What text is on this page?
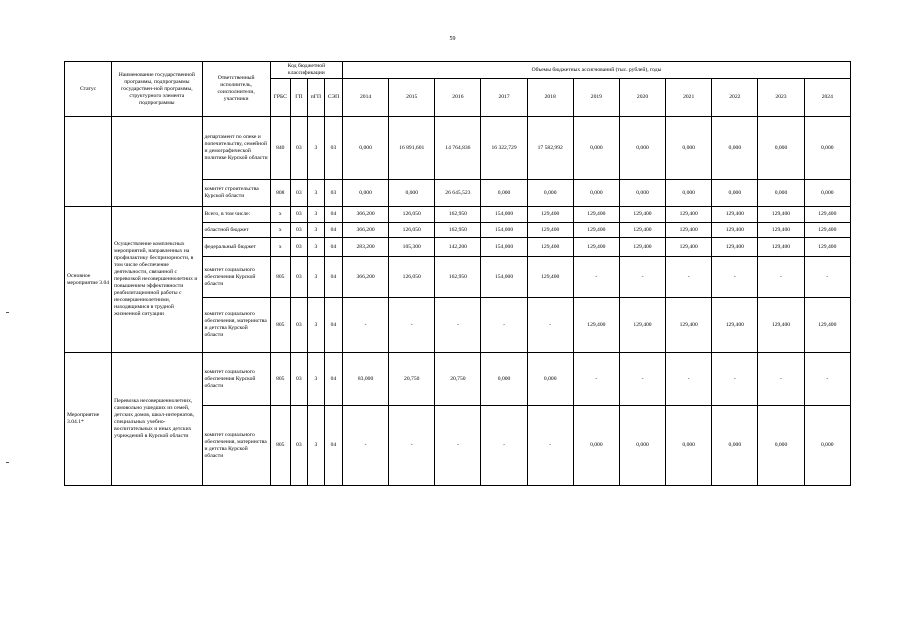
59
Статус	Наименование государственной программы, подпрограммы государствен-ной программы, структурного элемента подпрограммы	Ответственный исполнитель, соисполнители, участники	Код бюджетной классификации				Объемы бюджетных ассигнований (тыс. рублей), годы										
			ГРБС	ГП	пГП	СЭП	2014	2015	2016	2017	2018	2019	2020	2021	2022	2023	2024
		департамент по опеке и попечительству, семейной и демографической политике Курской области	840	03	3	03	0,000	16 891,601	14 764,836	16 322,729	17 582,992	0,000	0,000	0,000	0,000	0,000	0,000
		комитет строительства Курской области	808	03	3	03	0,000	0,000	26 645,523	0,000	0,000	0,000	0,000	0,000	0,000	0,000	0,000
Основное мероприятие 3.04	Осуществление комплексных мероприятий, направленных на профилактику беспризорности, в том числе обеспечение деятельности, связанной с перевозкой несовершеннолетних и повышением эффективности реабилитационной работы с несовершеннолетними, находящимися в трудной жизненной ситуации	Всего, в том числе:	x	03	3	04	366,200	126,050	162,950	154,000	129,400	129,400	129,400	129,400	129,400	129,400	129,400
		областной бюджет	x	03	3	04	366,200	126,050	162,950	154,000	129,400	129,400	129,400	129,400	129,400	129,400	129,400
		федеральный бюджет	x	03	3	04	283,200	105,300	142,200	154,000	129,400	129,400	129,400	129,400	129,400	129,400	129,400
		комитет социального обеспечения Курской области	805	03	3	04	366,200	126,050	162,950	154,000	129,400	-	-	-	-	-	-
		комитет социального обеспечения, материнства и детства Курской области	805	03	3	04	-	-	-	-	-	129,400	129,400	129,400	129,400	129,400	129,400
Мероприятие 3.04.1*	Перевозка несовершеннолетних, самовольно ушедших из семей, детских домов, школ-интернатов, специальных учебно-воспитательных и иных детских учреждений в Курской области	комитет социального обеспечения Курской области	805	03	3	04	83,000	20,750	20,750	0,000	0,000	-	-	-	-	-	-
		комитет социального обеспечения, материнства и детства Курской области	805	03	3	04	-	-	-	-	-	0,000	0,000	0,000	0,000	0,000	0,000
